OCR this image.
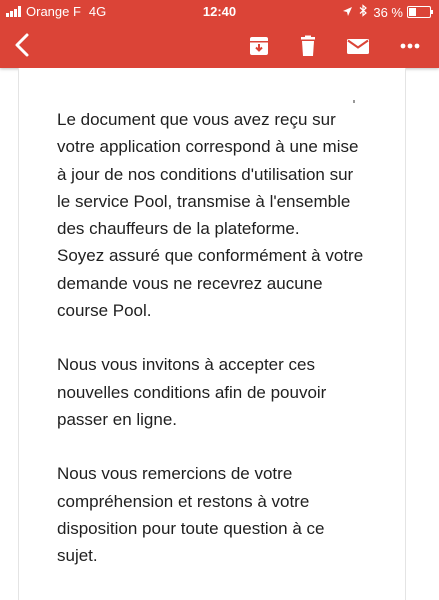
Orange F 4G	12:40	36 %

Le document que vous avez reçu sur
votre application correspond à une mise
à jour de nos conditions d'utilisation sur
le service Pool, transmise à l'ensemble
des chauffeurs de la plateforme.
Soyez assuré que conformément à votre
demande vous ne recevrez aucune
course Pool.

Nous vous invitons à accepter ces
nouvelles conditions afin de pouvoir
passer en ligne.

Nous vous remercions de votre
compréhension et restons à votre
disposition pour toute question à ce
sujet.
